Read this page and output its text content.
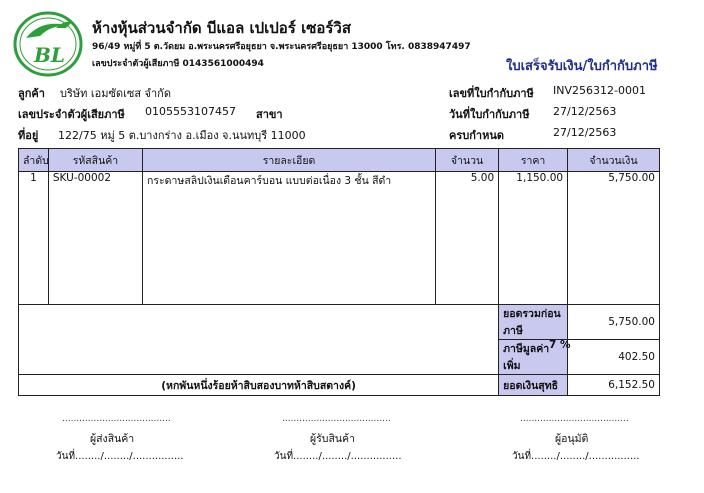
BL
ห้างหุ้นส่วนจำกัด บีแอล เปเปอร์ เซอร์วิส
96/49 หมู่ที่ 5 ต.วัดยม อ.พระนครศรีอยุธยา จ.พระนครศรีอยุธยา 13000 โทร. 0838947497
เลขประจำตัวผู้เสียภาษี 0143561000494	ใบเสร็จรับเงิน/ใบกำกับภาษี
ลูกค้า บริษัท เอมซัดเซส จำกัด
เลขประจำตัวผู้เสียภาษี 0105553107457 สาขา
ที่อยู่ 122/75 หมู่ 5 ต.บางกร่าง อ.เมือง จ.นนทบุรี 11000
เลขที่ใบกำกับภาษี INV256312-0001
วันที่ใบกำกับภาษี 27/12/2563
ครบกำหนด	27/12/2563
ลำดับ	รหัสสินค้า	รายละเอียด	จำนวน	ราคา	จำนวนเงิน
1	SKU-00002	กระดาษสลิปเงินเดือนคาร์บอน แบบต่อเนื่อง 3 ชั้น สีดำ	5.00	1,150.00	5,750.00
				ยอดรวมก่อนภาษี	5,750.00
				ภาษีมูลค่าเพิ่ม	402.50
(หกพันหนึ่งร้อยห้าสิบสองบาทห้าสิบสตางค์)				ยอดเงินสุทธิ	6,152.50
7 %
......................................
ผู้ส่งสินค้า
วันที่......../......../................
......................................
ผู้รับสินค้า
วันที่......../......../................
......................................
ผู้อนุมัติ
วันที่......../......../................
